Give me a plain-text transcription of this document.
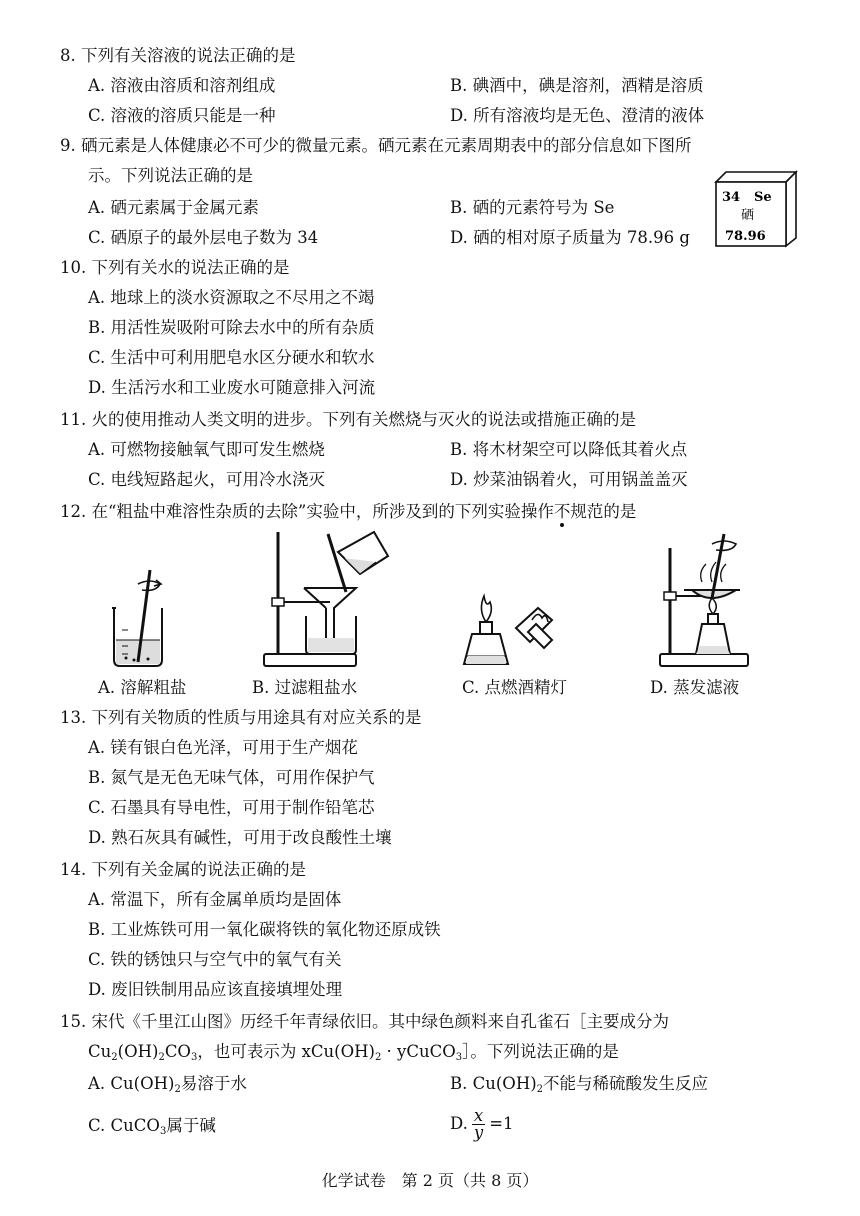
8. 下列有关溶液的说法正确的是
A. 溶液由溶质和溶剂组成	B. 碘酒中，碘是溶剂，酒精是溶质
C. 溶液的溶质只能是一种	D. 所有溶液均是无色、澄清的液体
9. 硒元素是人体健康必不可少的微量元素。硒元素在元素周期表中的部分信息如下图所
示。下列说法正确的是
A. 硒元素属于金属元素	B. 硒的元素符号为 Se
C. 硒原子的最外层电子数为 34	D. 硒的相对原子质量为 78.96 g
34 Se
硒
78.96
10. 下列有关水的说法正确的是
A. 地球上的淡水资源取之不尽用之不竭
B. 用活性炭吸附可除去水中的所有杂质
C. 生活中可利用肥皂水区分硬水和软水
D. 生活污水和工业废水可随意排入河流
11. 火的使用推动人类文明的进步。下列有关燃烧与灭火的说法或措施正确的是
A. 可燃物接触氧气即可发生燃烧	B. 将木材架空可以降低其着火点
C. 电线短路起火，可用冷水浇灭	D. 炒菜油锅着火，可用锅盖盖灭
12. 在“粗盐中难溶性杂质的去除”实验中，所涉及到的下列实验操作不规范的是
A. 溶解粗盐	B. 过滤粗盐水	C. 点燃酒精灯	D. 蒸发滤液
13. 下列有关物质的性质与用途具有对应关系的是
A. 镁有银白色光泽，可用于生产烟花
B. 氮气是无色无味气体，可用作保护气
C. 石墨具有导电性，可用于制作铅笔芯
D. 熟石灰具有碱性，可用于改良酸性土壤
14. 下列有关金属的说法正确的是
A. 常温下，所有金属单质均是固体
B. 工业炼铁可用一氧化碳将铁的氧化物还原成铁
C. 铁的锈蚀只与空气中的氧气有关
D. 废旧铁制用品应该直接填埋处理
15. 宋代《千里江山图》历经千年青绿依旧。其中绿色颜料来自孔雀石［主要成分为
$Cu_2(OH)_2CO_3$，也可表示为 $xCu(OH)_2$ · yCuCO$_3$］。下列说法正确的是
A. $Cu(OH)_2$易溶于水	B. $Cu(OH)_2$不能与稀硫酸发生反应
C. CuCO$_3$属于碱	D. $\frac{x}{y} =1$
化学试卷　第 2 页（共 8 页）
